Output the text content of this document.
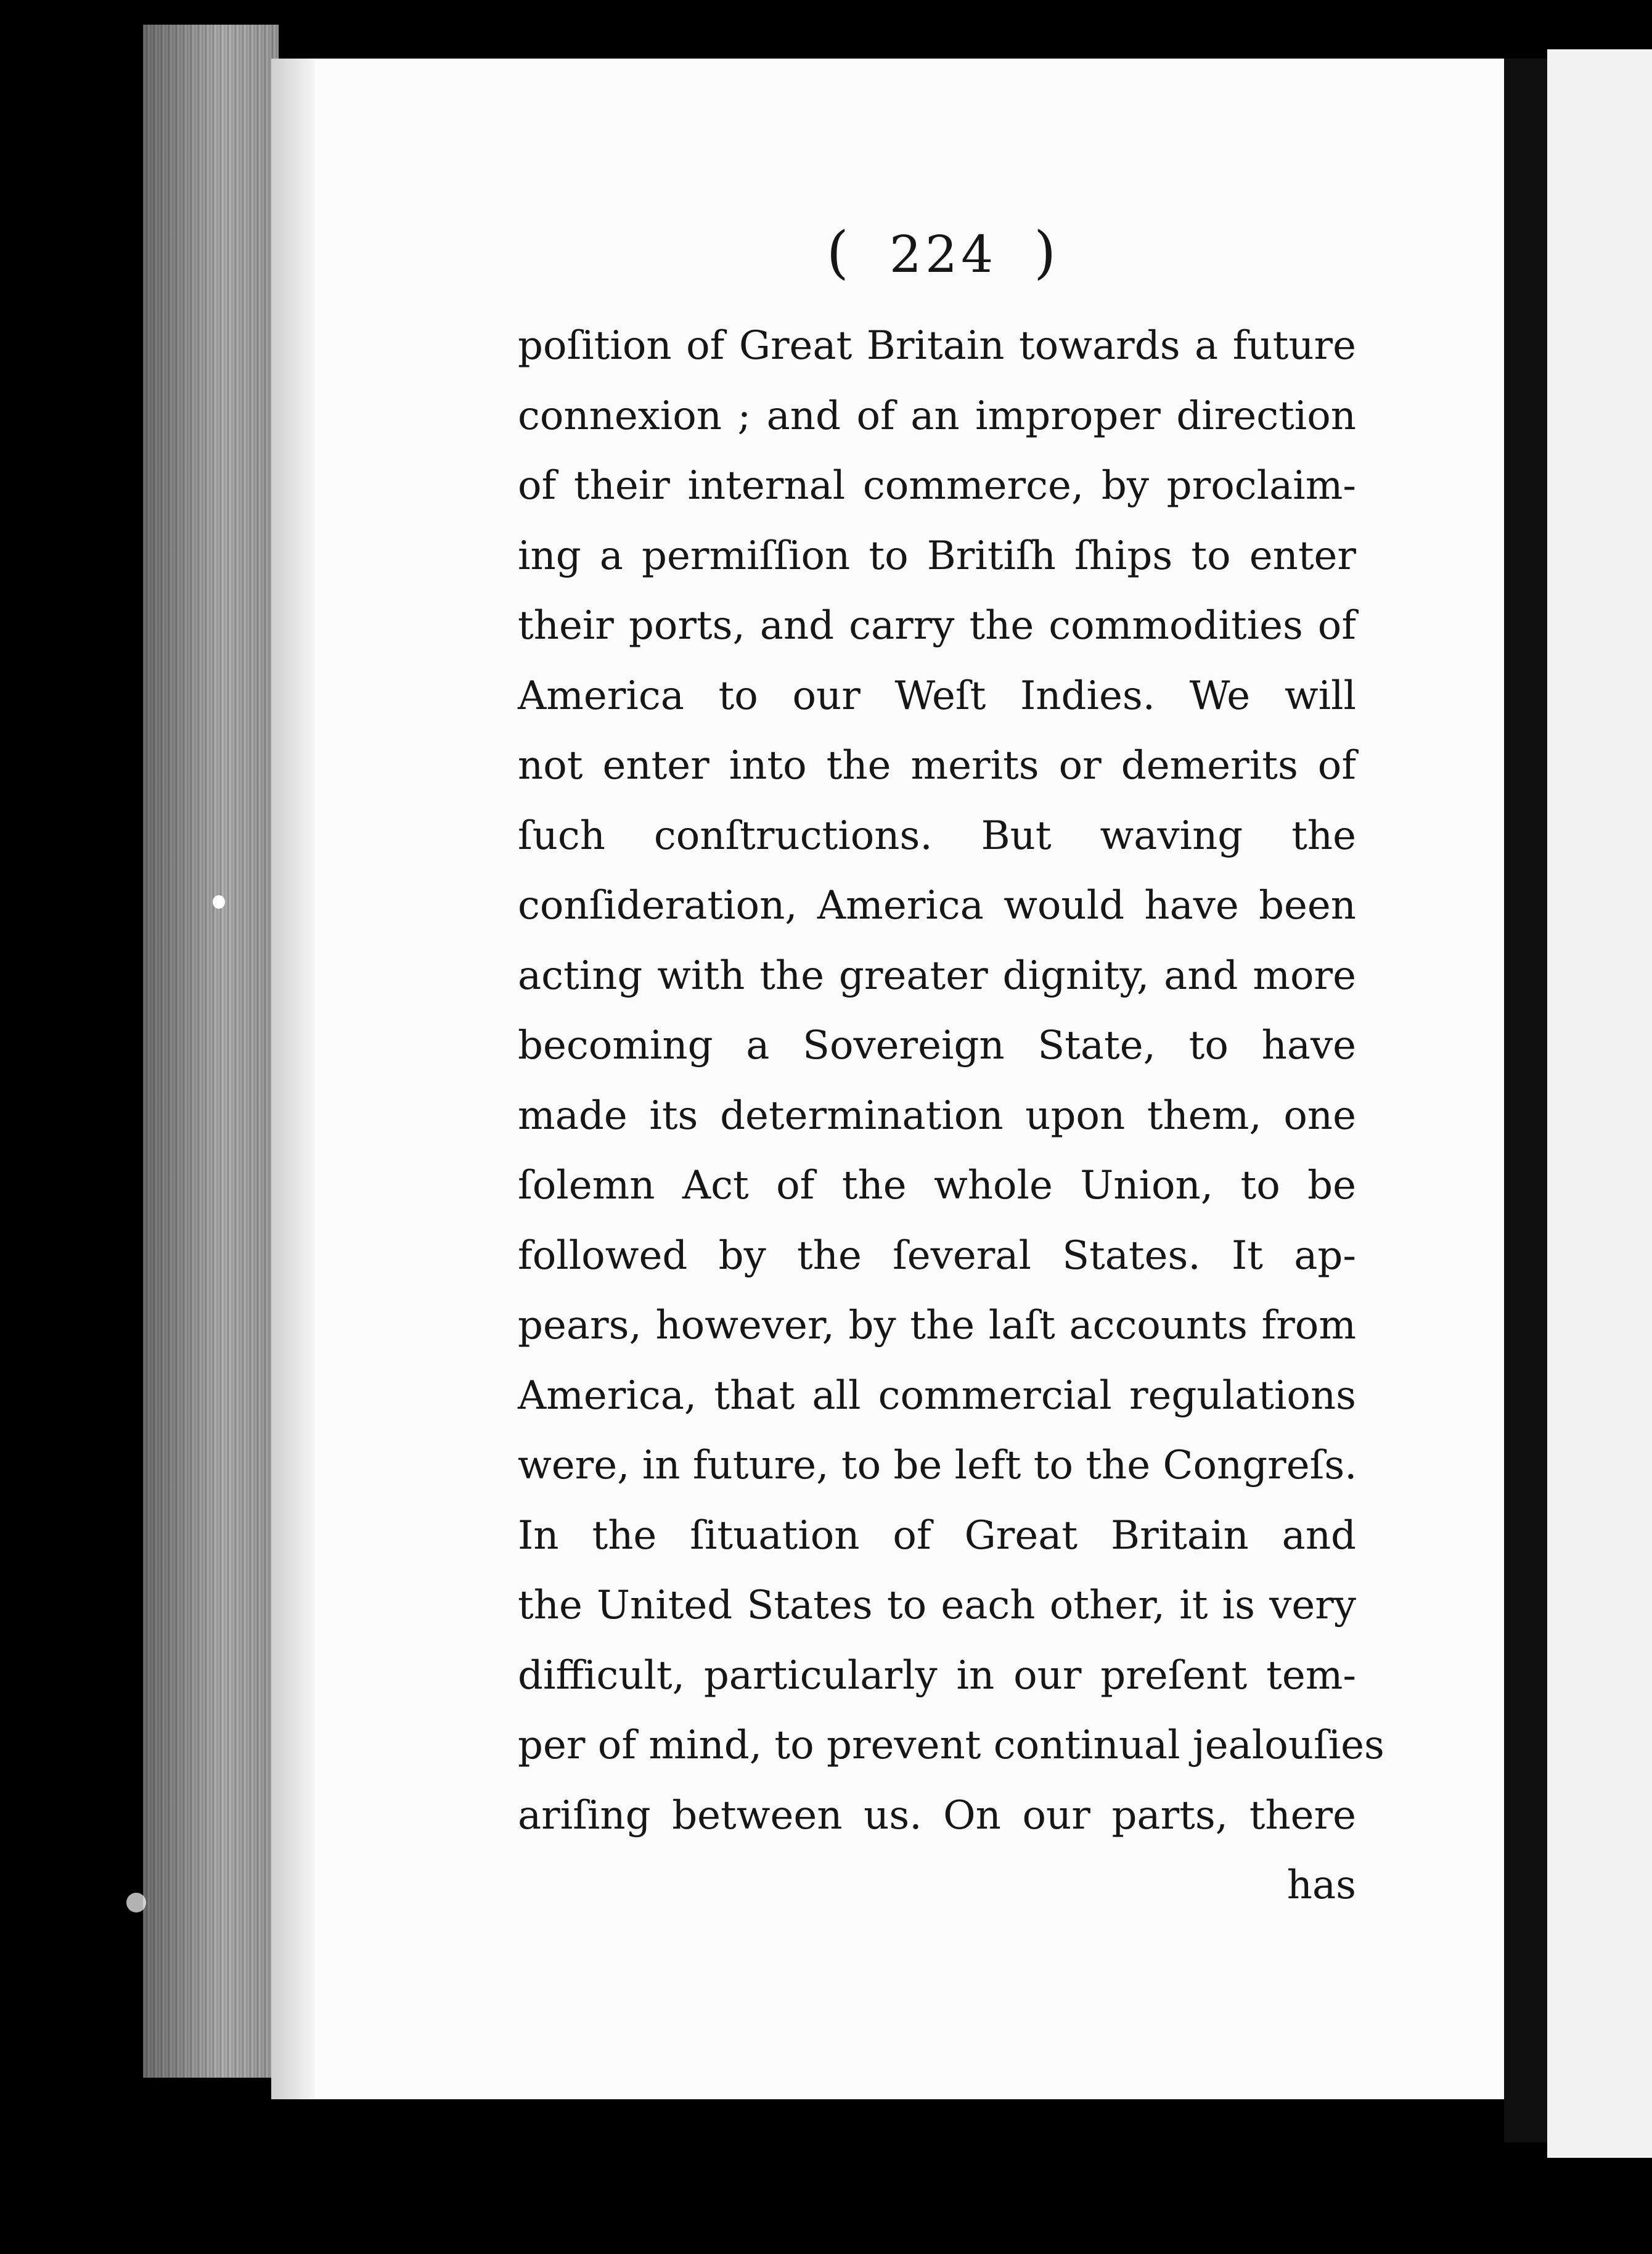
( 224 )
poſition of Great Britain towards a future
connexion ; and of an improper direction
of their internal commerce, by proclaim-
ing a permiſſion to Britiſh ſhips to enter
their ports, and carry the commodities of
America to our Weſt Indies. We will
not enter into the merits or demerits of
ſuch conſtructions. But waving the
conſideration, America would have been
acting with the greater dignity, and more
becoming a Sovereign State, to have
made its determination upon them, one
ſolemn Act of the whole Union, to be
followed by the ſeveral States. It ap-
pears, however, by the laſt accounts from
America, that all commercial regulations
were, in future, to be left to the Congreſs.
In the ſituation of Great Britain and
the United States to each other, it is very
difficult, particularly in our preſent tem-
per of mind, to prevent continual jealouſies
ariſing between us. On our parts, there
has
